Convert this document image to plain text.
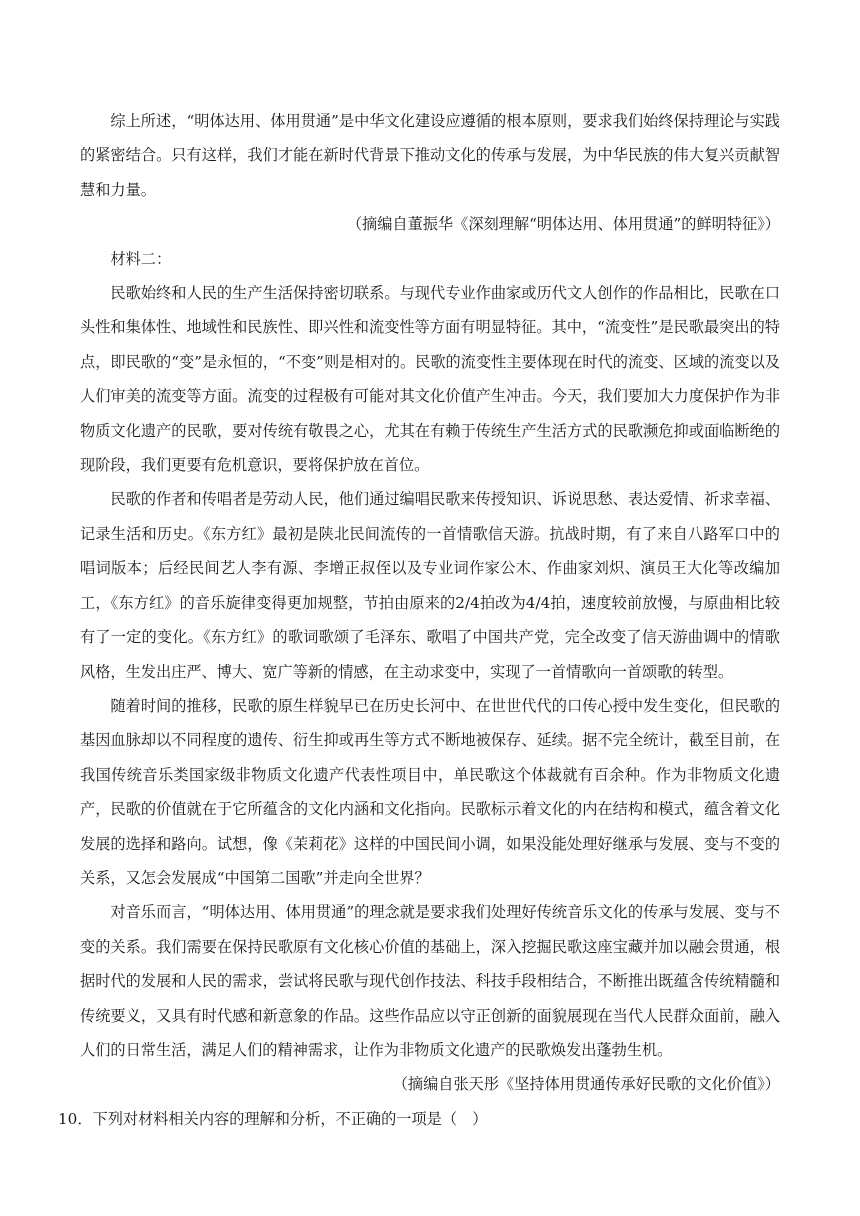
综上所述，“明体达用、体用贯通”是中华文化建设应遵循的根本原则，要求我们始终保持理论与实践的紧密结合。只有这样，我们才能在新时代背景下推动文化的传承与发展，为中华民族的伟大复兴贡献智慧和力量。

（摘编自董振华《深刻理解“明体达用、体用贯通”的鲜明特征》）

材料二：

民歌始终和人民的生产生活保持密切联系。与现代专业作曲家或历代文人创作的作品相比，民歌在口头性和集体性、地域性和民族性、即兴性和流变性等方面有明显特征。其中，“流变性”是民歌最突出的特点，即民歌的“变”是永恒的，“不变”则是相对的。民歌的流变性主要体现在时代的流变、区域的流变以及人们审美的流变等方面。流变的过程极有可能对其文化价值产生冲击。今天，我们要加大力度保护作为非物质文化遗产的民歌，要对传统有敬畏之心，尤其在有赖于传统生产生活方式的民歌濒危抑或面临断绝的现阶段，我们更要有危机意识，要将保护放在首位。

民歌的作者和传唱者是劳动人民，他们通过编唱民歌来传授知识、诉说思愁、表达爱情、祈求幸福、记录生活和历史。《东方红》最初是陕北民间流传的一首情歌信天游。抗战时期，有了来自八路军口中的唱词版本；后经民间艺人李有源、李增正叔侄以及专业词作家公木、作曲家刘炽、演员王大化等改编加工，《东方红》的音乐旋律变得更加规整，节拍由原来的2/4拍改为4/4拍，速度较前放慢，与原曲相比较有了一定的变化。《东方红》的歌词歌颂了毛泽东、歌唱了中国共产党，完全改变了信天游曲调中的情歌风格，生发出庄严、博大、宽广等新的情感，在主动求变中，实现了一首情歌向一首颂歌的转型。

随着时间的推移，民歌的原生样貌早已在历史长河中、在世世代代的口传心授中发生变化，但民歌的基因血脉却以不同程度的遗传、衍生抑或再生等方式不断地被保存、延续。据不完全统计，截至目前，在我国传统音乐类国家级非物质文化遗产代表性项目中，单民歌这个体裁就有百余种。作为非物质文化遗产，民歌的价值就在于它所蕴含的文化内涵和文化指向。民歌标示着文化的内在结构和模式，蕴含着文化发展的选择和路向。试想，像《茉莉花》这样的中国民间小调，如果没能处理好继承与发展、变与不变的关系，又怎会发展成“中国第二国歌”并走向全世界？

对音乐而言，“明体达用、体用贯通”的理念就是要求我们处理好传统音乐文化的传承与发展、变与不变的关系。我们需要在保持民歌原有文化核心价值的基础上，深入挖掘民歌这座宝藏并加以融会贯通，根据时代的发展和人民的需求，尝试将民歌与现代创作技法、科技手段相结合，不断推出既蕴含传统精髓和传统要义，又具有时代感和新意象的作品。这些作品应以守正创新的面貌展现在当代人民群众面前，融入人们的日常生活，满足人们的精神需求，让作为非物质文化遗产的民歌焕发出蓬勃生机。

（摘编自张天彤《坚持体用贯通传承好民歌的文化价值》）

10．下列对材料相关内容的理解和分析，不正确的一项是（　）
